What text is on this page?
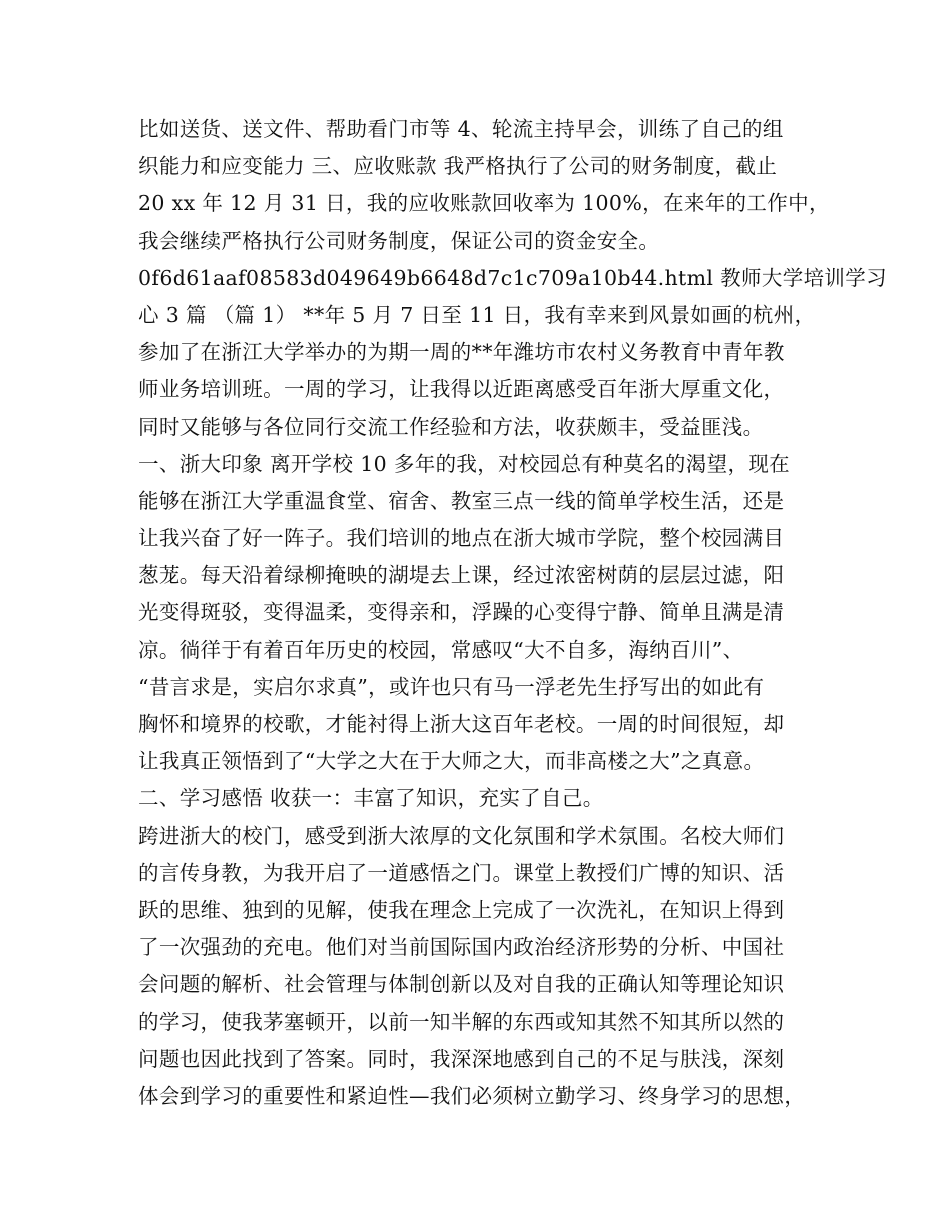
比如送货、送文件、帮助看门市等 4、轮流主持早会，训练了自己的组
织能力和应变能力 三、应收账款 我严格执行了公司的财务制度，截止
20 xx 年 12 月 31 日，我的应收账款回收率为 100%，在来年的工作中，
我会继续严格执行公司财务制度，保证公司的资金安全。
0f6d61aaf08583d049649b6648d7c1c709a10b44.html 教师大学培训学习
心 3 篇 （篇 1） **年 5 月 7 日至 11 日，我有幸来到风景如画的杭州，
参加了在浙江大学举办的为期一周的**年潍坊市农村义务教育中青年教
师业务培训班。一周的学习，让我得以近距离感受百年浙大厚重文化，
同时又能够与各位同行交流工作经验和方法，收获颇丰，受益匪浅。
一、浙大印象 离开学校 10 多年的我，对校园总有种莫名的渴望，现在
能够在浙江大学重温食堂、宿舍、教室三点一线的简单学校生活，还是
让我兴奋了好一阵子。我们培训的地点在浙大城市学院，整个校园满目
葱茏。每天沿着绿柳掩映的湖堤去上课，经过浓密树荫的层层过滤，阳
光变得斑驳，变得温柔，变得亲和，浮躁的心变得宁静、简单且满是清
凉。徜徉于有着百年历史的校园，常感叹“大不自多，海纳百川”、
“昔言求是，实启尔求真”，或许也只有马一浮老先生抒写出的如此有
胸怀和境界的校歌，才能衬得上浙大这百年老校。一周的时间很短，却
让我真正领悟到了“大学之大在于大师之大，而非高楼之大”之真意。
二、学习感悟 收获一：丰富了知识，充实了自己。
跨进浙大的校门，感受到浙大浓厚的文化氛围和学术氛围。名校大师们
的言传身教，为我开启了一道感悟之门。课堂上教授们广博的知识、活
跃的思维、独到的见解，使我在理念上完成了一次洗礼，在知识上得到
了一次强劲的充电。他们对当前国际国内政治经济形势的分析、中国社
会问题的解析、社会管理与体制创新以及对自我的正确认知等理论知识
的学习，使我茅塞顿开，以前一知半解的东西或知其然不知其所以然的
问题也因此找到了答案。同时，我深深地感到自己的不足与肤浅，深刻
体会到学习的重要性和紧迫性—我们必须树立勤学习、终身学习的思想，
